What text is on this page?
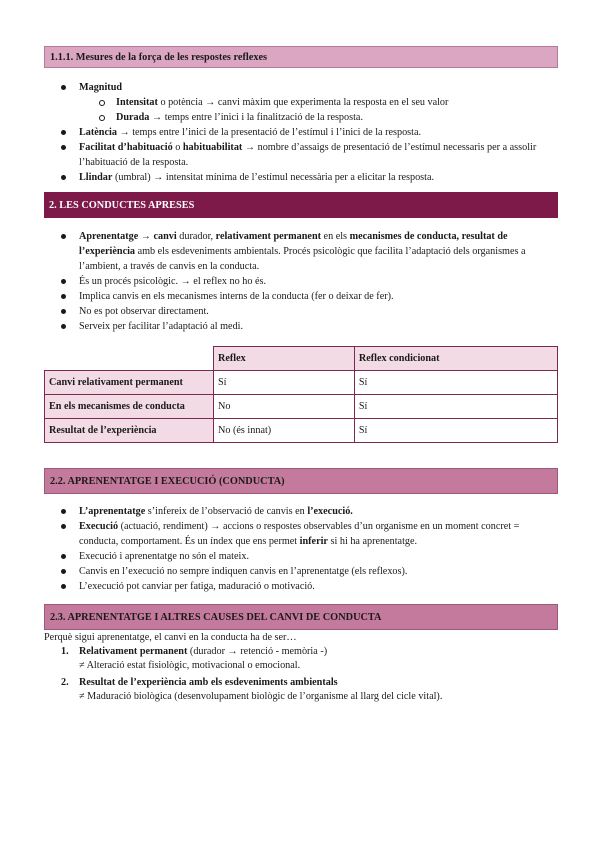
1.1.1. Mesures de la força de les respostes reflexes
Magnitud
Intensitat o potència → canvi màxim que experimenta la resposta en el seu valor
Durada → temps entre l’inici i la finalització de la resposta.
Latència → temps entre l’inici de la presentació de l’estímul i l’inici de la resposta.
Facilitat d’habituació o habituabilitat → nombre d’assaigs de presentació de l’estímul necessaris per a assolir l’habituació de la resposta.
Llindar (umbral) → intensitat mínima de l’estímul necessària per a elicitar la resposta.
2. LES CONDUCTES APRESES
Aprenentatge → canvi durador, relativament permanent en els mecanismes de conducta, resultat de l’experiència amb els esdeveniments ambientals. Procés psicològic que facilita l’adaptació dels organismes a l’ambient, a través de canvis en la conducta.
És un procés psicològic. → el reflex no ho és.
Implica canvis en els mecanismes interns de la conducta (fer o deixar de fer).
No es pot observar directament.
Serveix per facilitar l’adaptació al medi.
	Reflex	Reflex condicionat
Canvi relativament permanent	Sí	Sí
En els mecanismes de conducta	No	Sí
Resultat de l’experiència	No (és innat)	Sí
2.2. APRENENTATGE I EXECUCIÓ (CONDUCTA)
L’aprenentatge s’infereix de l’observació de canvis en l’execució.
Execució (actuació, rendiment) → accions o respostes observables d’un organisme en un moment concret = conducta, comportament. És un índex que ens permet inferir si hi ha aprenentatge.
Execució i aprenentatge no són el mateix.
Canvis en l’execució no sempre indiquen canvis en l’aprenentatge (els reflexos).
L’execució pot canviar per fatiga, maduració o motivació.
2.3. APRENENTATGE I ALTRES CAUSES DEL CANVI DE CONDUCTA
Perquè sigui aprenentatge, el canvi en la conducta ha de ser…
1. Relativament permanent (durador → retenció - memòria -)
≠ Alteració estat fisiològic, motivacional o emocional.
2. Resultat de l’experiència amb els esdeveniments ambientals
≠ Maduració biològica (desenvolupament biològic de l’organisme al llarg del cicle vital).
